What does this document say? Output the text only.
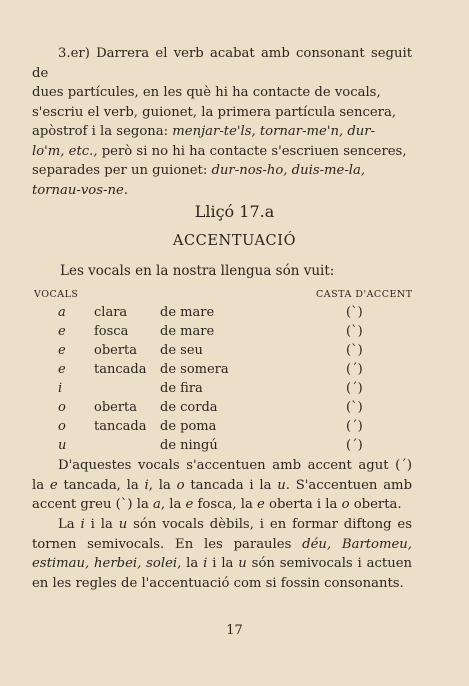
3.er) Darrera el verb acabat amb consonant seguit de

dues partícules, en les què hi ha contacte de vocals,

s'escriu el verb, guionet, la primera partícula sencera,

apòstrof i la segona: menjar-te'ls, tornar-me'n, dur-

lo'm, etc., però si no hi ha contacte s'escriuen senceres,

separades per un guionet: dur-nos-ho, duis-me-la,

tornau-vos-ne.

Lliçó 17.a
ACCENTUACIÓ
Les vocals en la nostra llengua són vuit:
VOCALS	CASTA D'ACCENT
a	clara	de mare	(`)
e	fosca	de mare	(`)
e	oberta	de seu	(`)
e	tancada	de somera	(´)
i		de fira	(´)
o	oberta	de corda	(`)
o	tancada	de poma	(´)
u		de ningú	(´)

D'aquestes vocals s'accentuen amb accent agut (´) la e tancada, la i, la o tancada i la u. S'accentuen amb accent greu (`) la a, la e fosca, la e oberta i la o oberta.

La i i la u són vocals dèbils, i en formar diftong es tornen semivocals. En les paraules déu, Bartomeu, estimau, herbei, solei, la i i la u són semivocals i actuen en les regles de l'accentuació com si fossin consonants.

17
